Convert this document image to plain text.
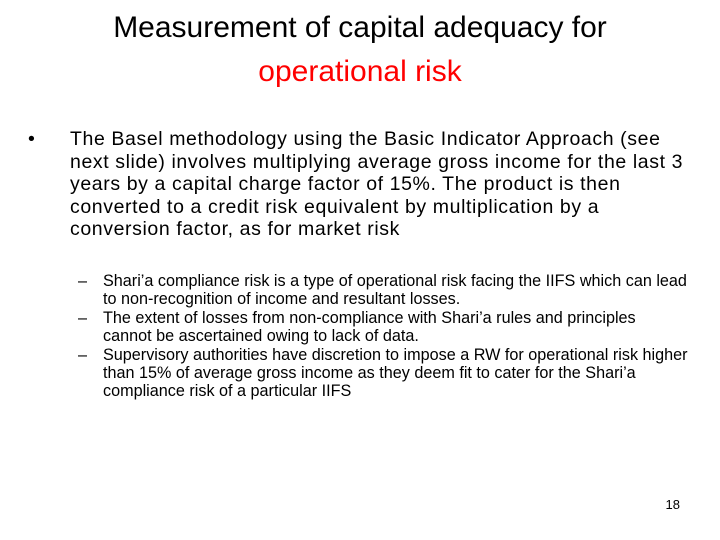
Measurement of capital adequacy for
operational risk
•	The Basel methodology using the Basic Indicator Approach (see next slide) involves multiplying average gross income for the last 3 years by a capital charge factor of 15%. The product is then converted to a credit risk equivalent by multiplication by a conversion factor, as for market risk
– Shari’a compliance risk is a type of operational risk facing the IIFS which can lead to non-recognition of income and resultant losses.
– The extent of losses from non-compliance with Shari’a rules and principles cannot be ascertained owing to lack of data.
– Supervisory authorities have discretion to impose a RW for operational risk higher than 15% of average gross income as they deem fit to cater for the Shari’a compliance risk of a particular IIFS
18
